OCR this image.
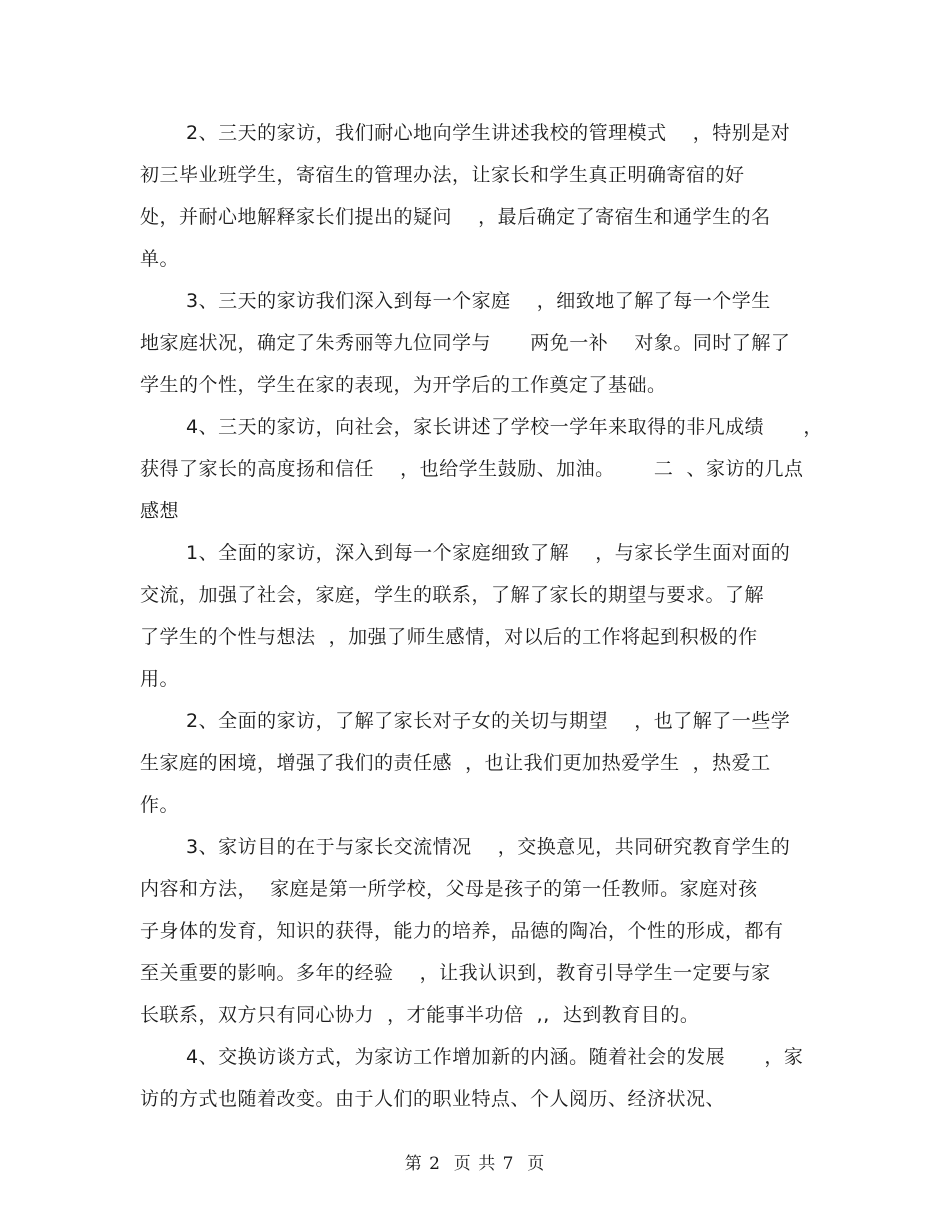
2、三天的家访，我们耐心地向学生讲述我校的管理模式    ，特别是对
初三毕业班学生，寄宿生的管理办法，让家长和学生真正明确寄宿的好
处，并耐心地解释家长们提出的疑问    ，最后确定了寄宿生和通学生的名
单。
3、三天的家访我们深入到每一个家庭    ，细致地了解了每一个学生
地家庭状况，确定了朱秀丽等九位同学与      两免一补    对象。同时了解了
学生的个性，学生在家的表现，为开学后的工作奠定了基础。
4、三天的家访，向社会，家长讲述了学校一学年来取得的非凡成绩      ，
获得了家长的高度扬和信任    ，也给学生鼓励、加油。      二  、家访的几点
感想
1、全面的家访，深入到每一个家庭细致了解    ，与家长学生面对面的
交流，加强了社会，家庭，学生的联系，了解了家长的期望与要求。了解
了学生的个性与想法  ，加强了师生感情，对以后的工作将起到积极的作
用。
2、全面的家访，了解了家长对子女的关切与期望    ，也了解了一些学
生家庭的困境，增强了我们的责任感  ，也让我们更加热爱学生  ，热爱工
作。
3、家访目的在于与家长交流情况    ，交换意见，共同研究教育学生的
内容和方法，  家庭是第一所学校，父母是孩子的第一任教师。家庭对孩
子身体的发育，知识的获得，能力的培养，品德的陶冶，个性的形成，都有
至关重要的影响。多年的经验    ，让我认识到，教育引导学生一定要与家
长联系，双方只有同心协力  ，才能事半功倍  ,,  达到教育目的。
4、交换访谈方式，为家访工作增加新的内涵。随着社会的发展      ，家
访的方式也随着改变。由于人们的职业特点、个人阅历、经济状况、
第 2  页 共 7  页
